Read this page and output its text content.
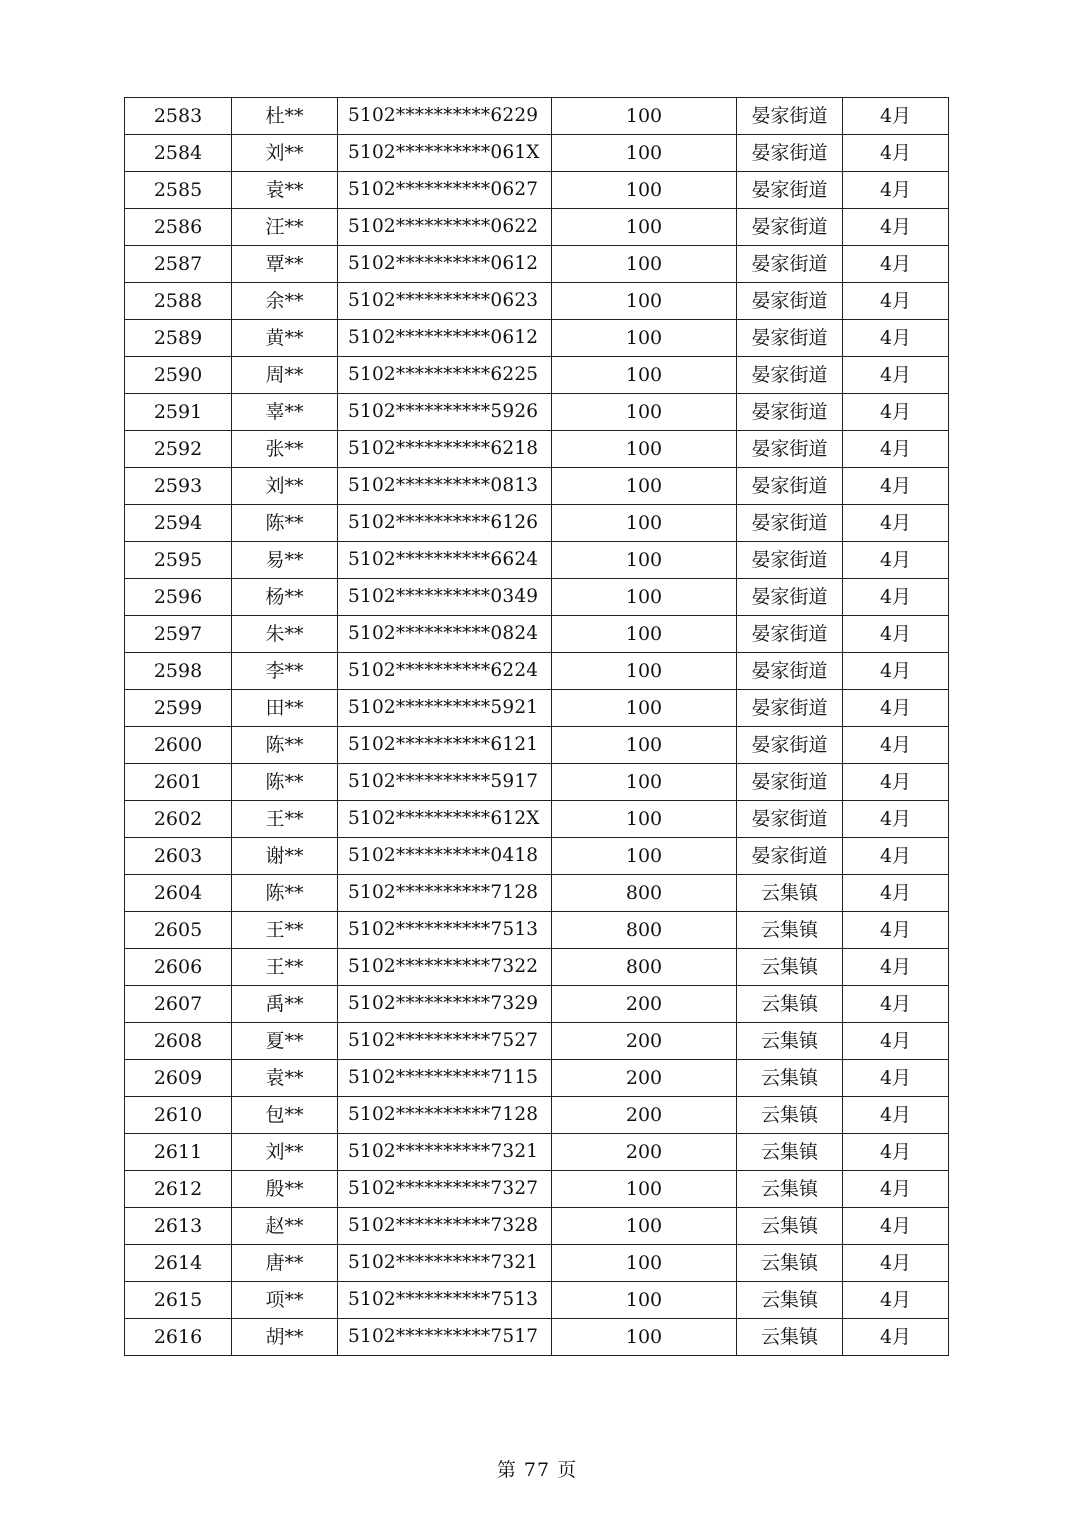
2583	杜**	5102**********6229	100	晏家街道	4月
2584	刘**	5102**********061X	100	晏家街道	4月
2585	袁**	5102**********0627	100	晏家街道	4月
2586	汪**	5102**********0622	100	晏家街道	4月
2587	覃**	5102**********0612	100	晏家街道	4月
2588	余**	5102**********0623	100	晏家街道	4月
2589	黄**	5102**********0612	100	晏家街道	4月
2590	周**	5102**********6225	100	晏家街道	4月
2591	辜**	5102**********5926	100	晏家街道	4月
2592	张**	5102**********6218	100	晏家街道	4月
2593	刘**	5102**********0813	100	晏家街道	4月
2594	陈**	5102**********6126	100	晏家街道	4月
2595	易**	5102**********6624	100	晏家街道	4月
2596	杨**	5102**********0349	100	晏家街道	4月
2597	朱**	5102**********0824	100	晏家街道	4月
2598	李**	5102**********6224	100	晏家街道	4月
2599	田**	5102**********5921	100	晏家街道	4月
2600	陈**	5102**********6121	100	晏家街道	4月
2601	陈**	5102**********5917	100	晏家街道	4月
2602	王**	5102**********612X	100	晏家街道	4月
2603	谢**	5102**********0418	100	晏家街道	4月
2604	陈**	5102**********7128	800	云集镇	4月
2605	王**	5102**********7513	800	云集镇	4月
2606	王**	5102**********7322	800	云集镇	4月
2607	禹**	5102**********7329	200	云集镇	4月
2608	夏**	5102**********7527	200	云集镇	4月
2609	袁**	5102**********7115	200	云集镇	4月
2610	包**	5102**********7128	200	云集镇	4月
2611	刘**	5102**********7321	200	云集镇	4月
2612	殷**	5102**********7327	100	云集镇	4月
2613	赵**	5102**********7328	100	云集镇	4月
2614	唐**	5102**********7321	100	云集镇	4月
2615	项**	5102**********7513	100	云集镇	4月
2616	胡**	5102**********7517	100	云集镇	4月
第 77 页
